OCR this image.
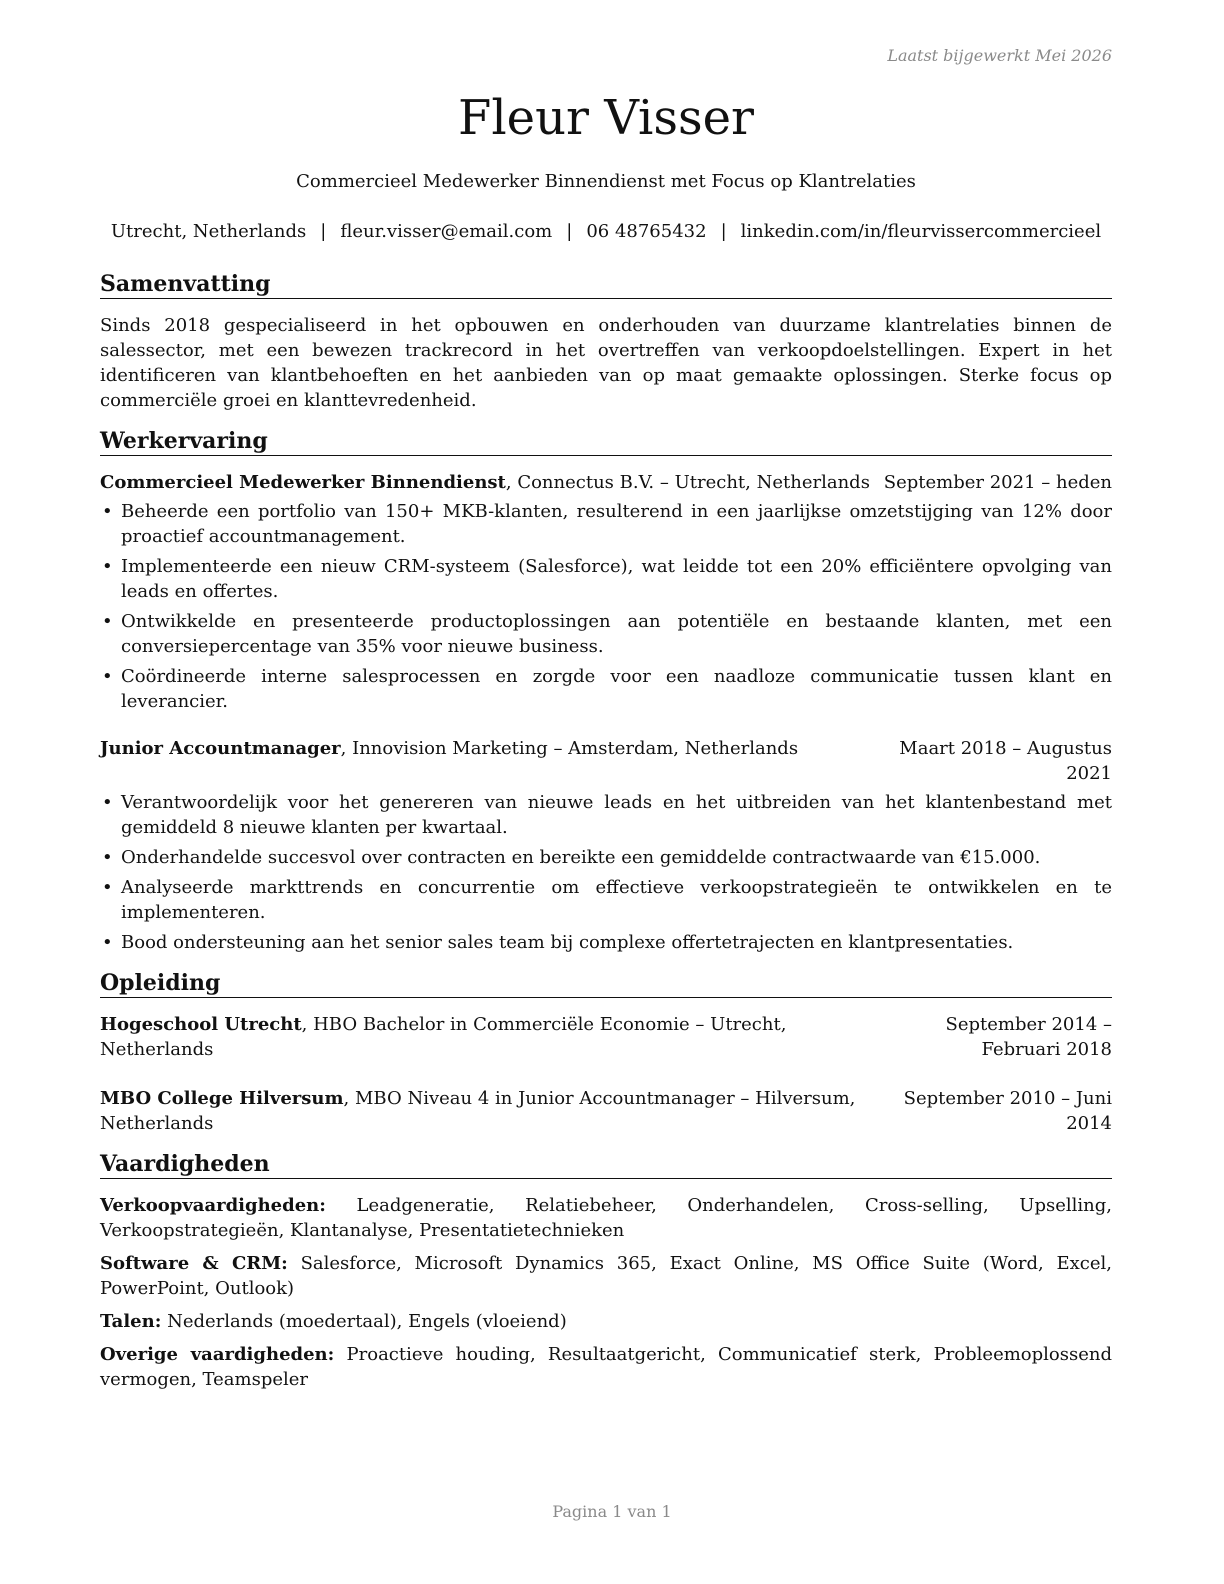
Laatst bijgewerkt Mei 2026
Fleur Visser
Commercieel Medewerker Binnendienst met Focus op Klantrelaties
Utrecht, Netherlands | fleur.visser@email.com | 06 48765432 | linkedin.com/in/fleurvissercommercieel
Samenvatting

Sinds 2018 gespecialiseerd in het opbouwen en onderhouden van duurzame klantrelaties binnen de salessector, met een bewezen trackrecord in het overtreffen van verkoopdoelstellingen. Expert in het identificeren van klantbehoeften en het aanbieden van op maat gemaakte oplossingen. Sterke focus op commerciële groei en klanttevredenheid.

Werkervaring
Commercieel Medewerker Binnendienst, Connectus B.V. – Utrecht, Netherlands September 2021 – heden
• Beheerde een portfolio van 150+ MKB-klanten, resulterend in een jaarlijkse omzetstijging van 12% door proactief accountmanagement.
• Implementeerde een nieuw CRM-systeem (Salesforce), wat leidde tot een 20% efficiëntere opvolging van leads en offertes.
• Ontwikkelde en presenteerde productoplossingen aan potentiële en bestaande klanten, met een conversiepercentage van 35% voor nieuwe business.
• Coördineerde interne salesprocessen en zorgde voor een naadloze communicatie tussen klant en leverancier.
Junior Accountmanager, Innovision Marketing – Amsterdam, Netherlands	Maart 2018 – Augustus 2021
• Verantwoordelijk voor het genereren van nieuwe leads en het uitbreiden van het klantenbestand met gemiddeld 8 nieuwe klanten per kwartaal.
• Onderhandelde succesvol over contracten en bereikte een gemiddelde contractwaarde van €15.000.
• Analyseerde markttrends en concurrentie om effectieve verkoopstrategieën te ontwikkelen en te implementeren.
• Bood ondersteuning aan het senior sales team bij complexe offertetrajecten en klantpresentaties.
Opleiding
Hogeschool Utrecht, HBO Bachelor in Commerciële Economie – Utrecht, Netherlands
September 2014 – Februari 2018
MBO College Hilversum, MBO Niveau 4 in Junior Accountmanager – Hilversum, Netherlands
September 2010 – Juni 2014
Vaardigheden
Verkoopvaardigheden: Leadgeneratie, Relatiebeheer, Onderhandelen, Cross-selling, Upselling, Verkoopstrategieën, Klantanalyse, Presentatietechnieken
Software & CRM: Salesforce, Microsoft Dynamics 365, Exact Online, MS Office Suite (Word, Excel, PowerPoint, Outlook)
Talen: Nederlands (moedertaal), Engels (vloeiend)
Overige vaardigheden: Proactieve houding, Resultaatgericht, Communicatief sterk, Probleemoplossend vermogen, Teamspeler
Pagina 1 van 1
